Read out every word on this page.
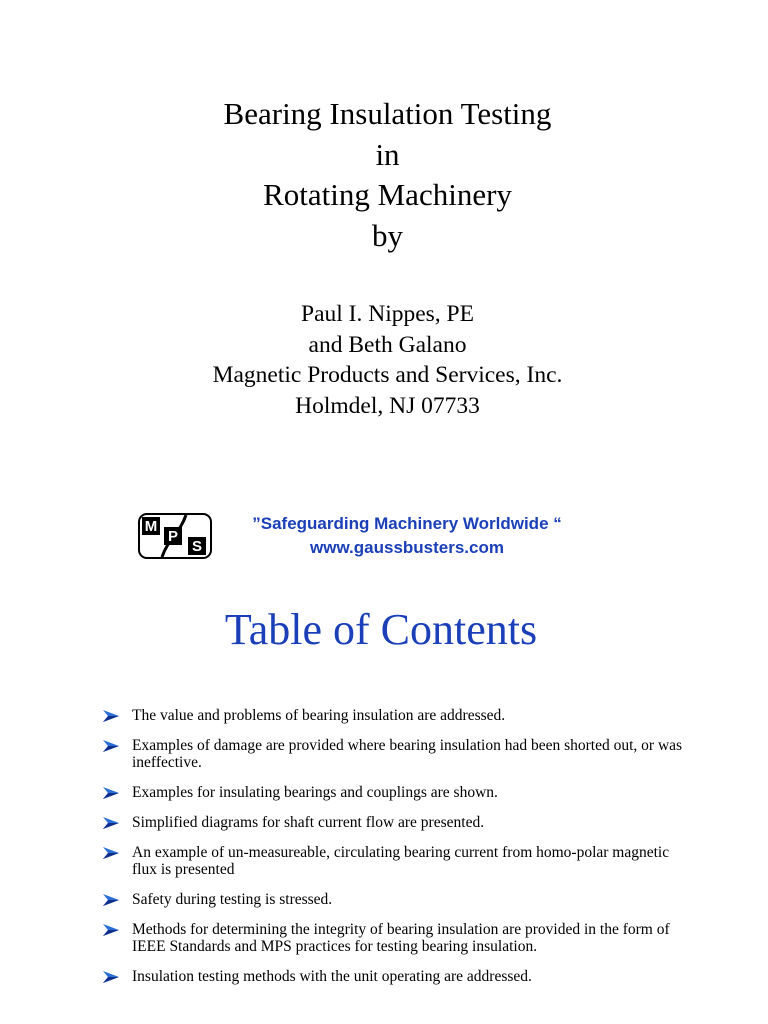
Bearing Insulation Testing
in
Rotating Machinery
by
Paul I. Nippes, PE
and Beth Galano
Magnetic Products and Services, Inc.
Holmdel, NJ 07733
M
P
S
”Safeguarding Machinery Worldwide “
www.gaussbusters.com
Table of Contents
The value and problems of bearing insulation are addressed.
Examples of damage are provided where bearing insulation had been shorted out, or was ineffective.
Examples for insulating bearings and couplings are shown.
Simplified diagrams for shaft current flow are presented.
An example of un-measureable, circulating bearing current from homo-polar magnetic flux is presented
Safety during testing is stressed.
Methods for determining the integrity of bearing insulation are provided in the form of IEEE Standards and MPS practices for testing bearing insulation.
Insulation testing methods with the unit operating are addressed.
